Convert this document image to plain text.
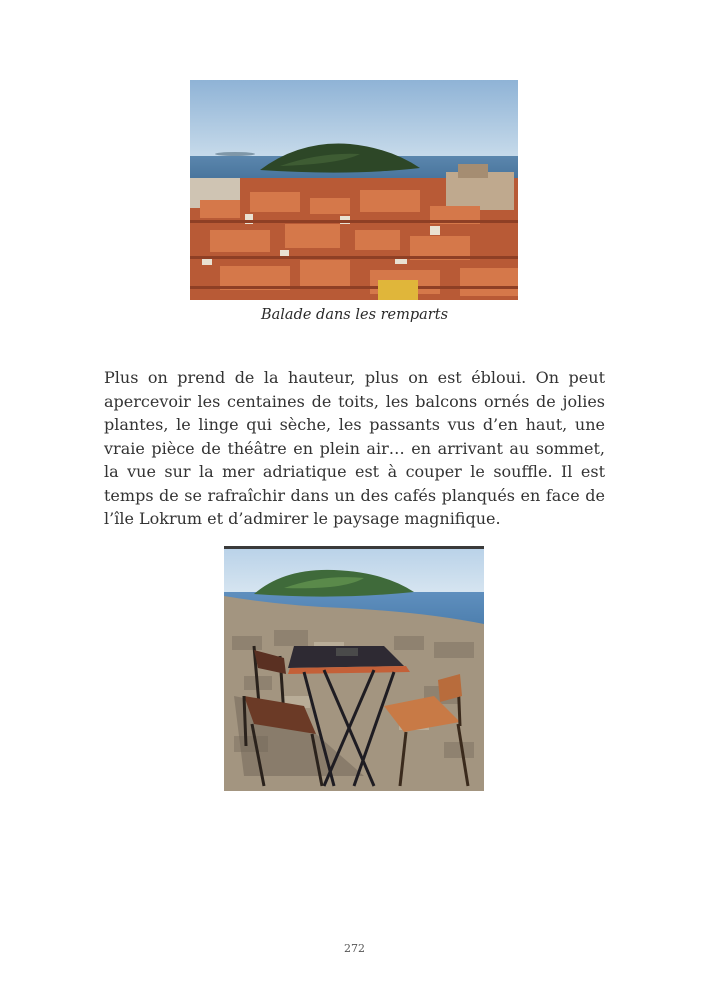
Balade dans les remparts

Plus on prend de la hauteur, plus on est ébloui. On peut apercevoir les centaines de toits, les balcons ornés de jolies plantes, le linge qui sèche, les passants vus d’en haut, une vraie pièce de théâtre en plein air… en arrivant au sommet, la vue sur la mer adriatique est à couper le souffle. Il est temps de se rafraîchir dans un des cafés planqués en face de l’île Lokrum et d’admirer le paysage magnifique.

272
